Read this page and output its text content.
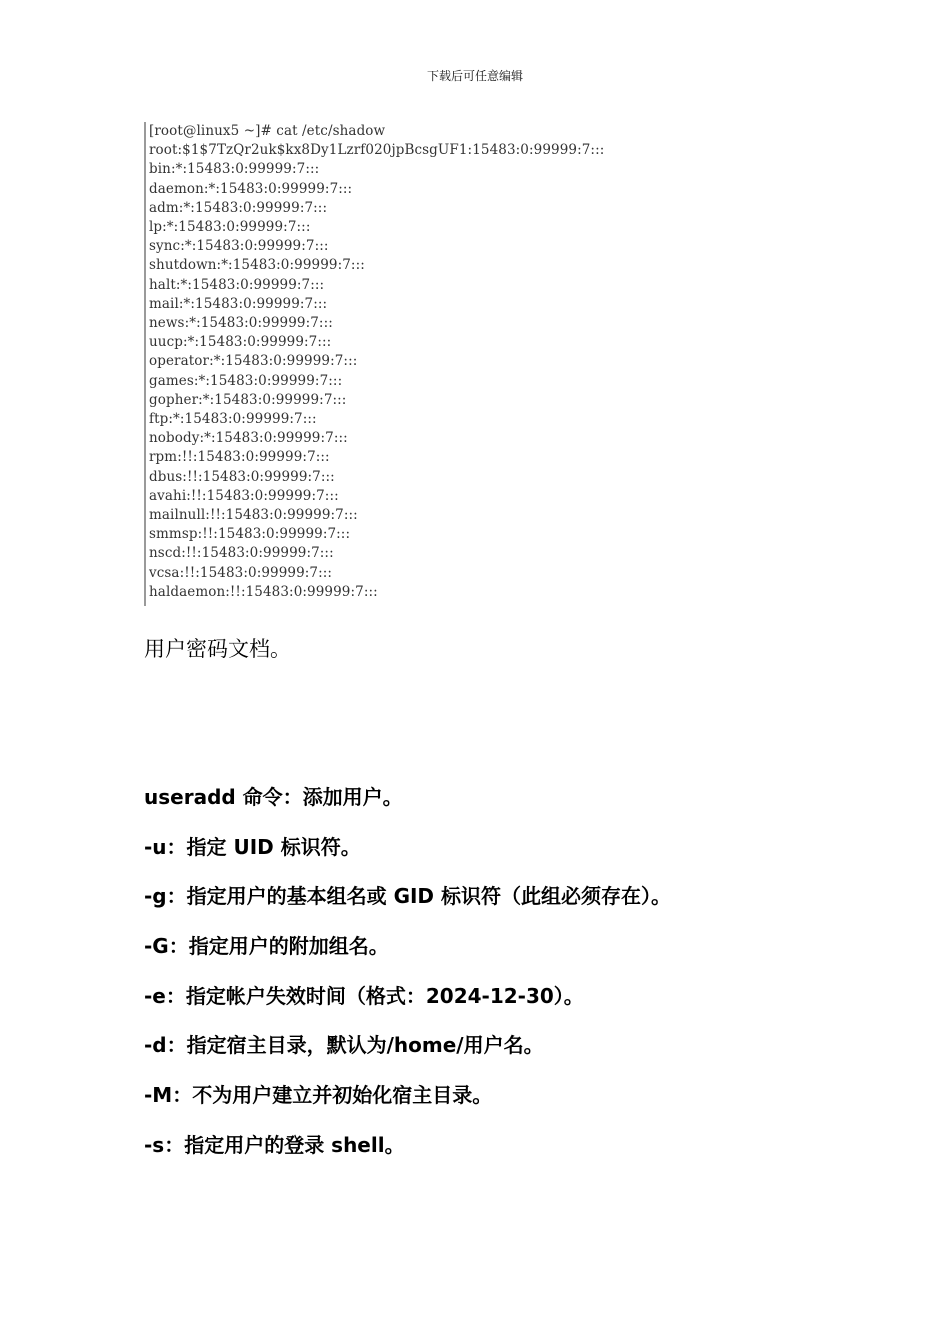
下载后可任意编辑
[root@linux5 ~]# cat /etc/shadow
root:$1$7TzQr2uk$kx8Dy1Lzrf020jpBcsgUF1:15483:0:99999:7:::
bin:*:15483:0:99999:7:::
daemon:*:15483:0:99999:7:::
adm:*:15483:0:99999:7:::
lp:*:15483:0:99999:7:::
sync:*:15483:0:99999:7:::
shutdown:*:15483:0:99999:7:::
halt:*:15483:0:99999:7:::
mail:*:15483:0:99999:7:::
news:*:15483:0:99999:7:::
uucp:*:15483:0:99999:7:::
operator:*:15483:0:99999:7:::
games:*:15483:0:99999:7:::
gopher:*:15483:0:99999:7:::
ftp:*:15483:0:99999:7:::
nobody:*:15483:0:99999:7:::
rpm:!!:15483:0:99999:7:::
dbus:!!:15483:0:99999:7:::
avahi:!!:15483:0:99999:7:::
mailnull:!!:15483:0:99999:7:::
smmsp:!!:15483:0:99999:7:::
nscd:!!:15483:0:99999:7:::
vcsa:!!:15483:0:99999:7:::
haldaemon:!!:15483:0:99999:7:::
用户密码文档。
useradd 命令：添加用户。
-u：指定 UID 标识符。
-g：指定用户的基本组名或 GID 标识符（此组必须存在）。
-G：指定用户的附加组名。
-e：指定帐户失效时间（格式：2024-12-30）。
-d：指定宿主目录，默认为/home/用户名。
-M：不为用户建立并初始化宿主目录。
-s：指定用户的登录 shell。
